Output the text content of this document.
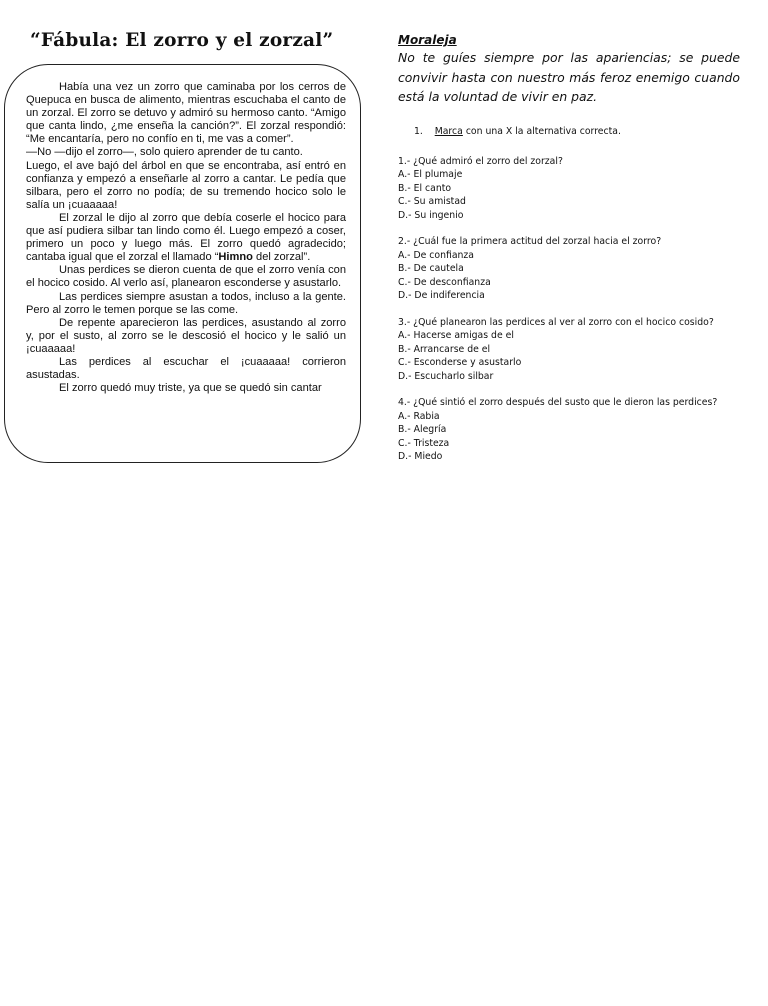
“Fábula: El zorro y el zorzal”

Había una vez un zorro que caminaba por los cerros de Quepuca en busca de alimento, mientras escuchaba el canto de un zorzal. El zorro se detuvo y admiró su hermoso canto. “Amigo que canta lindo, ¿me enseña la canción?”. El zorzal respondió: “Me encantaría, pero no confío en ti, me vas a comer”.

—No —dijo el zorro—, solo quiero aprender de tu canto.

Luego, el ave bajó del árbol en que se encontraba, así entró en confianza y empezó a enseñarle al zorro a cantar. Le pedía que silbara, pero el zorro no podía; de su tremendo hocico solo le salía un ¡cuaaaaa!

El zorzal le dijo al zorro que debía coserle el hocico para que así pudiera silbar tan lindo como él. Luego empezó a coser, primero un poco y luego más. El zorro quedó agradecido; cantaba igual que el zorzal el llamado “Himno del zorzal”.

Unas perdices se dieron cuenta de que el zorro venía con el hocico cosido. Al verlo así, planearon esconderse y asustarlo.

Las perdices siempre asustan a todos, incluso a la gente. Pero al zorro le temen porque se las come.

De repente aparecieron las perdices, asustando al zorro y, por el susto, al zorro se le descosió el hocico y le salió un ¡cuaaaaa!

Las perdices al escuchar el ¡cuaaaaa! corrieron asustadas.

El zorro quedó muy triste, ya que se quedó sin cantar

Moraleja

No te guíes siempre por las apariencias; se puede convivir hasta con nuestro más feroz enemigo cuando está la voluntad de vivir en paz.

1. Marca con una X la alternativa correcta.
1.- ¿Qué admiró el zorro del zorzal?
A.- El plumaje
B.- El canto
C.- Su amistad
D.- Su ingenio
2.- ¿Cuál fue la primera actitud del zorzal hacia el zorro?
A.- De confianza
B.- De cautela
C.- De desconfianza
D.- De indiferencia
3.- ¿Qué planearon las perdices al ver al zorro con el hocico cosido?
A.- Hacerse amigas de el
B.- Arrancarse de el
C.- Esconderse y asustarlo
D.- Escucharlo silbar
4.- ¿Qué sintió el zorro después del susto que le dieron las perdices?
A.- Rabia
B.- Alegría
C.- Tristeza
D.- Miedo
